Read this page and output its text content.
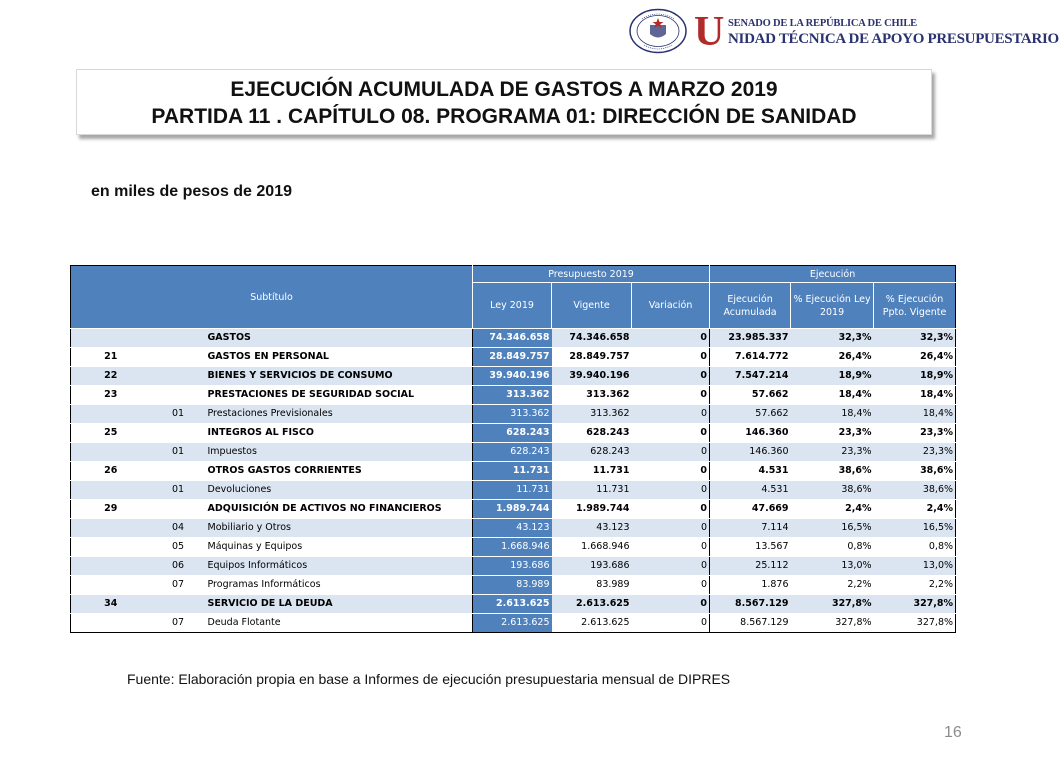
U SENADO DE LA REPÚBLICA DE CHILE
NIDAD TÉCNICA DE APOYO PRESUPUESTARIO
EJECUCIÓN ACUMULADA DE GASTOS A MARZO 2019
PARTIDA 11 . CAPÍTULO 08. PROGRAMA 01: DIRECCIÓN DE SANIDAD
en miles de pesos de 2019
Subtítulo			Presupuesto 2019			Ejecución		
			Ley 2019	Vigente	Variación	Ejecución Acumulada	% Ejecución Ley 2019	% Ejecución Ppto. Vigente
		GASTOS	74.346.658	74.346.658	0	23.985.337	32,3%	32,3%
21		GASTOS EN PERSONAL	28.849.757	28.849.757	0	7.614.772	26,4%	26,4%
22		BIENES Y SERVICIOS DE CONSUMO	39.940.196	39.940.196	0	7.547.214	18,9%	18,9%
23		PRESTACIONES DE SEGURIDAD SOCIAL	313.362	313.362	0	57.662	18,4%	18,4%
	01	Prestaciones Previsionales	313.362	313.362	0	57.662	18,4%	18,4%
25		INTEGROS AL FISCO	628.243	628.243	0	146.360	23,3%	23,3%
	01	Impuestos	628.243	628.243	0	146.360	23,3%	23,3%
26		OTROS GASTOS CORRIENTES	11.731	11.731	0	4.531	38,6%	38,6%
	01	Devoluciones	11.731	11.731	0	4.531	38,6%	38,6%
29		ADQUISICIÓN DE ACTIVOS NO FINANCIEROS	1.989.744	1.989.744	0	47.669	2,4%	2,4%
	04	Mobiliario y Otros	43.123	43.123	0	7.114	16,5%	16,5%
	05	Máquinas y Equipos	1.668.946	1.668.946	0	13.567	0,8%	0,8%
	06	Equipos Informáticos	193.686	193.686	0	25.112	13,0%	13,0%
	07	Programas Informáticos	83.989	83.989	0	1.876	2,2%	2,2%
34		SERVICIO DE LA DEUDA	2.613.625	2.613.625	0	8.567.129	327,8%	327,8%
	07	Deuda Flotante	2.613.625	2.613.625	0	8.567.129	327,8%	327,8%
Fuente: Elaboración propia en base a Informes de ejecución presupuestaria mensual de DIPRES
16
